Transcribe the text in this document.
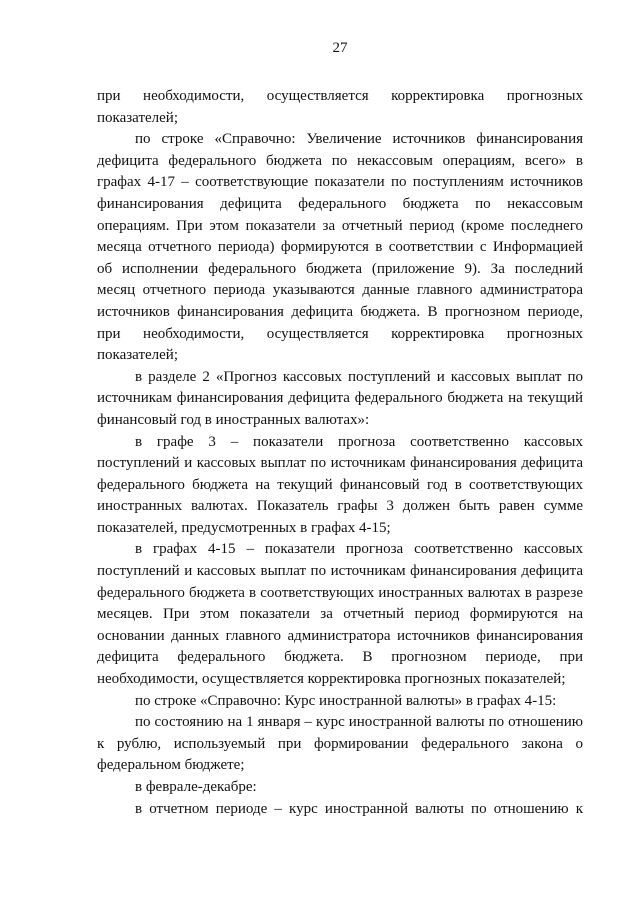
27
при необходимости, осуществляется корректировка прогнозных
показателей;
по строке «Справочно: Увеличение источников финансирования
дефицита федерального бюджета по некассовым операциям, всего» в
графах 4-17 – соответствующие показатели по поступлениям источников
финансирования дефицита федерального бюджета по некассовым
операциям. При этом показатели за отчетный период (кроме последнего
месяца отчетного периода) формируются в соответствии с Информацией
об исполнении федерального бюджета (приложение 9). За последний
месяц отчетного периода указываются данные главного администратора
источников финансирования дефицита бюджета. В прогнозном периоде,
при необходимости, осуществляется корректировка прогнозных
показателей;
в разделе 2 «Прогноз кассовых поступлений и кассовых выплат по
источникам финансирования дефицита федерального бюджета на текущий
финансовый год в иностранных валютах»:
в графе 3 – показатели прогноза соответственно кассовых
поступлений и кассовых выплат по источникам финансирования дефицита
федерального бюджета на текущий финансовый год в соответствующих
иностранных валютах. Показатель графы 3 должен быть равен сумме
показателей, предусмотренных в графах 4-15;
в графах 4-15 – показатели прогноза соответственно кассовых
поступлений и кассовых выплат по источникам финансирования дефицита
федерального бюджета в соответствующих иностранных валютах в разрезе
месяцев. При этом показатели за отчетный период формируются на
основании данных главного администратора источников финансирования
дефицита федерального бюджета. В прогнозном периоде, при
необходимости, осуществляется корректировка прогнозных показателей;
по строке «Справочно: Курс иностранной валюты» в графах 4-15:
по состоянию на 1 января – курс иностранной валюты по отношению
к рублю, используемый при формировании федерального закона о
федеральном бюджете;
в феврале-декабре:
в отчетном периоде – курс иностранной валюты по отношению к
